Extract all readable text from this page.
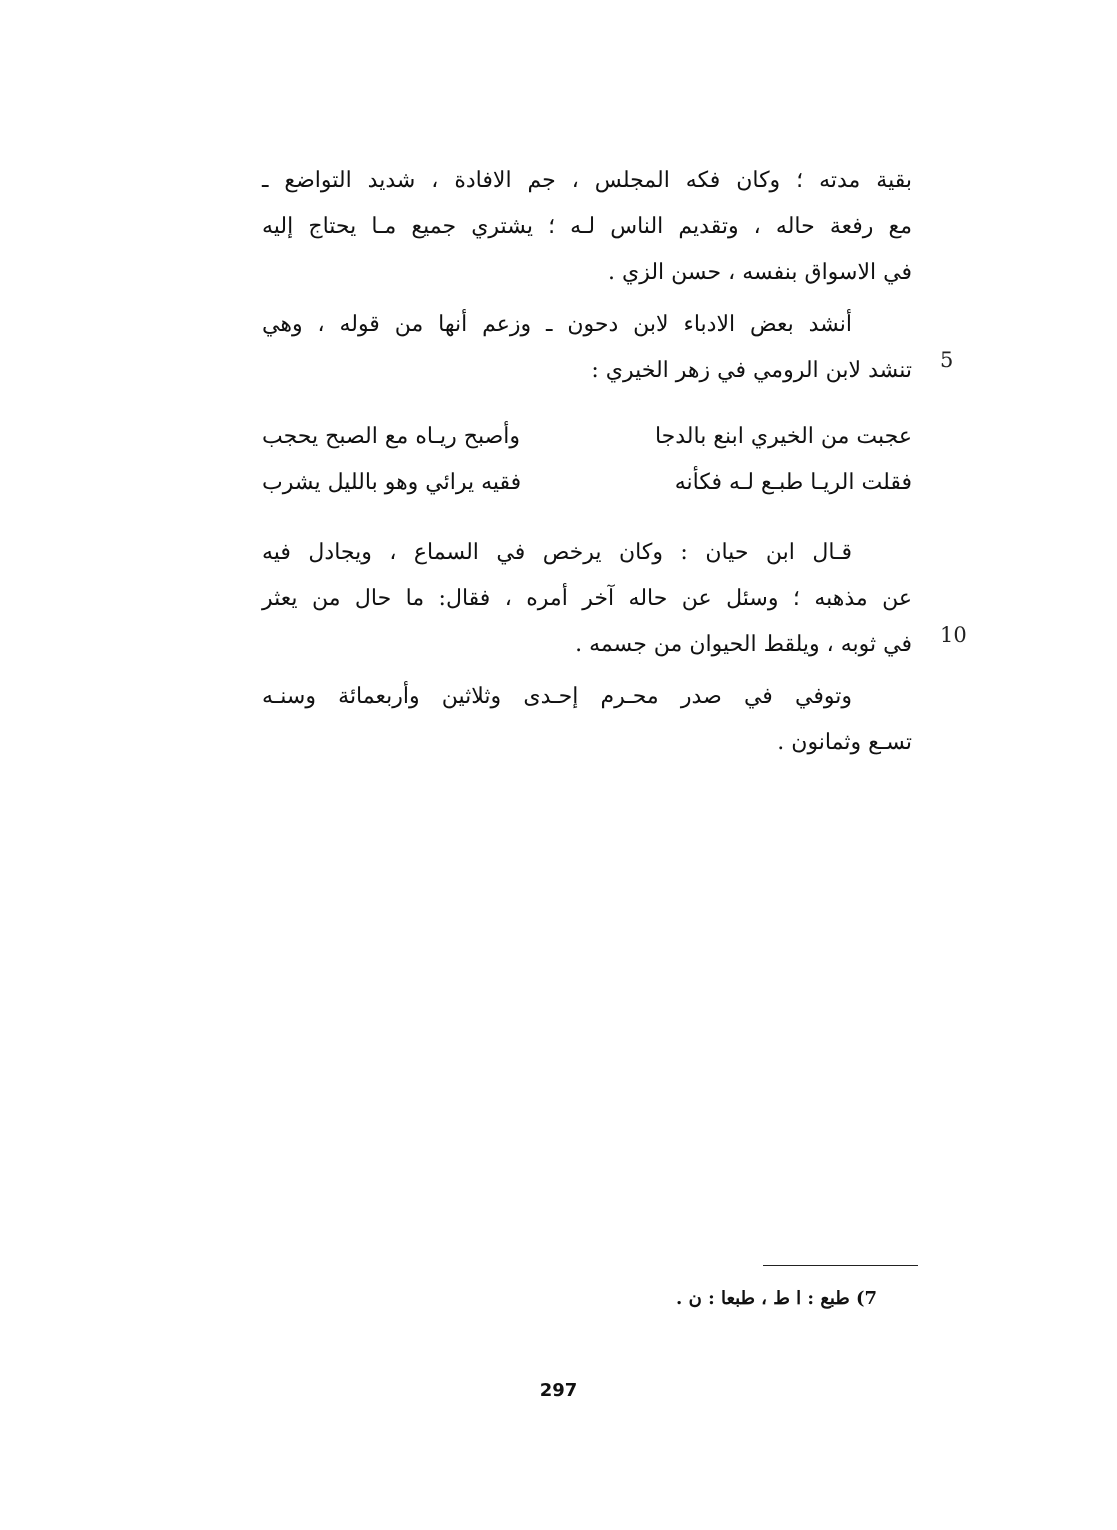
بقية مدته ؛ وكان فكه المجلس ، جم الافادة ، شديد التواضع ـ
مع رفعة حاله ، وتقديم الناس لـه ؛ يشتري جميع مـا يحتاج إليه
في الاسواق بنفسه ، حسن الزي .
أنشد بعض الادباء لابن دحون ـ وزعم أنها من قوله ، وهي
تنشد لابن الرومي في زهر الخيري : 5
عجبت من الخيري ابنع بالدجا
وأصبح ريـاه مع الصبح يحجب
فقلت الريـا طبـع لـه فكأنه
فقيه يرائي وهو بالليل يشرب
قـال ابن حيان : وكان يرخص في السماع ، ويجادل فيه
عن مذهبه ؛ وسئل عن حاله آخر أمره ، فقال: ما حال من يعثر
في ثوبه ، ويلقط الحيوان من جسمه . 10
وتوفي في صدر محـرم إحـدى وثلاثين وأربعمائة وسنـه
تسـع وثمانون .
7) طبع : ا ط ، طبعا : ن .
297
